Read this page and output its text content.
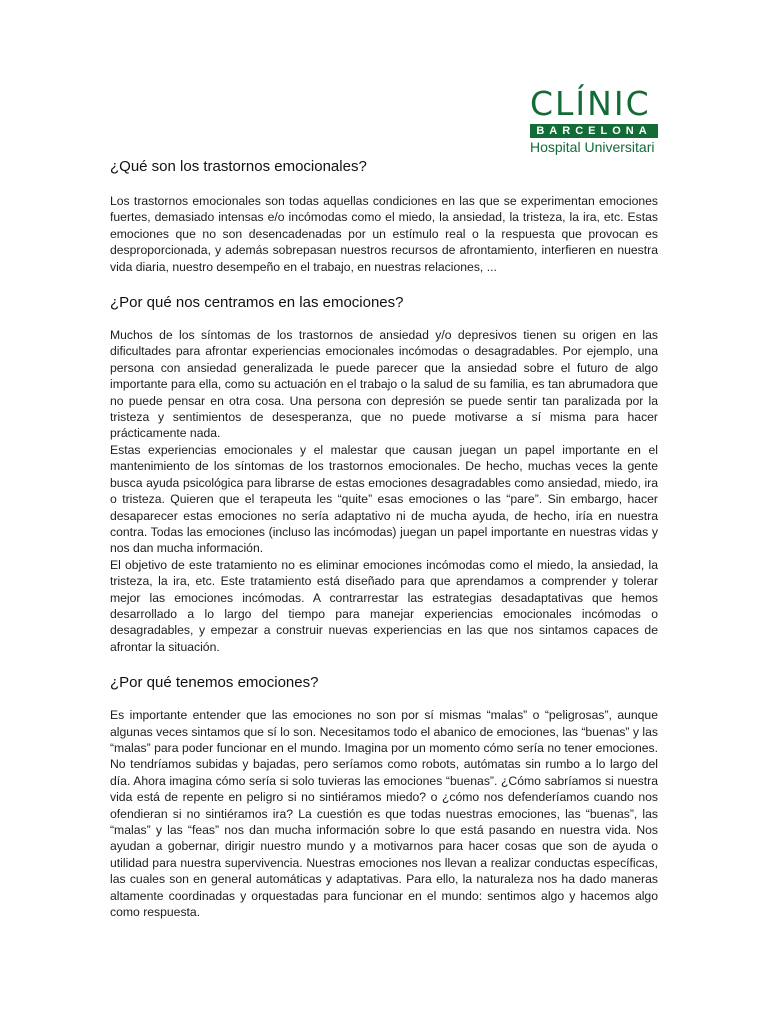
CLÍNIC
BARCELONA
Hospital Universitari
¿Qué son los trastornos emocionales?

Los trastornos emocionales son todas aquellas condiciones en las que se experimentan emociones fuertes, demasiado intensas e/o incómodas como el miedo, la ansiedad, la tristeza, la ira, etc. Estas emociones que no son desencadenadas por un estímulo real o la respuesta que provocan es desproporcionada, y además sobrepasan nuestros recursos de afrontamiento, interfieren en nuestra vida diaria, nuestro desempeño en el trabajo, en nuestras relaciones, ...

¿Por qué nos centramos en las emociones?

Muchos de los síntomas de los trastornos de ansiedad y/o depresivos tienen su origen en las dificultades para afrontar experiencias emocionales incómodas o desagradables. Por ejemplo, una persona con ansiedad generalizada le puede parecer que la ansiedad sobre el futuro de algo importante para ella, como su actuación en el trabajo o la salud de su familia, es tan abrumadora que no puede pensar en otra cosa. Una persona con depresión se puede sentir tan paralizada por la tristeza y sentimientos de desesperanza, que no puede motivarse a sí misma para hacer prácticamente nada.

Estas experiencias emocionales y el malestar que causan juegan un papel importante en el mantenimiento de los síntomas de los trastornos emocionales. De hecho, muchas veces la gente busca ayuda psicológica para librarse de estas emociones desagradables como ansiedad, miedo, ira o tristeza. Quieren que el terapeuta les “quite” esas emociones o las “pare”. Sin embargo, hacer desaparecer estas emociones no sería adaptativo ni de mucha ayuda, de hecho, iría en nuestra contra. Todas las emociones (incluso las incómodas) juegan un papel importante en nuestras vidas y nos dan mucha información.

El objetivo de este tratamiento no es eliminar emociones incómodas como el miedo, la ansiedad, la tristeza, la ira, etc. Este tratamiento está diseñado para que aprendamos a comprender y tolerar mejor las emociones incómodas. A contrarrestar las estrategias desadaptativas que hemos desarrollado a lo largo del tiempo para manejar experiencias emocionales incómodas o desagradables, y empezar a construir nuevas experiencias en las que nos sintamos capaces de afrontar la situación.

¿Por qué tenemos emociones?

Es importante entender que las emociones no son por sí mismas “malas” o “peligrosas”, aunque algunas veces sintamos que sí lo son. Necesitamos todo el abanico de emociones, las “buenas” y las “malas” para poder funcionar en el mundo. Imagina por un momento cómo sería no tener emociones. No tendríamos subidas y bajadas, pero seríamos como robots, autómatas sin rumbo a lo largo del día. Ahora imagina cómo sería si solo tuvieras las emociones “buenas”. ¿Cómo sabríamos si nuestra vida está de repente en peligro si no sintiéramos miedo? o ¿cómo nos defenderíamos cuando nos ofendieran si no sintiéramos ira? La cuestión es que todas nuestras emociones, las “buenas”, las “malas” y las “feas” nos dan mucha información sobre lo que está pasando en nuestra vida. Nos ayudan a gobernar, dirigir nuestro mundo y a motivarnos para hacer cosas que son de ayuda o utilidad para nuestra supervivencia. Nuestras emociones nos llevan a realizar conductas específicas, las cuales son en general automáticas y adaptativas. Para ello, la naturaleza nos ha dado maneras altamente coordinadas y orquestadas para funcionar en el mundo: sentimos algo y hacemos algo como respuesta.
